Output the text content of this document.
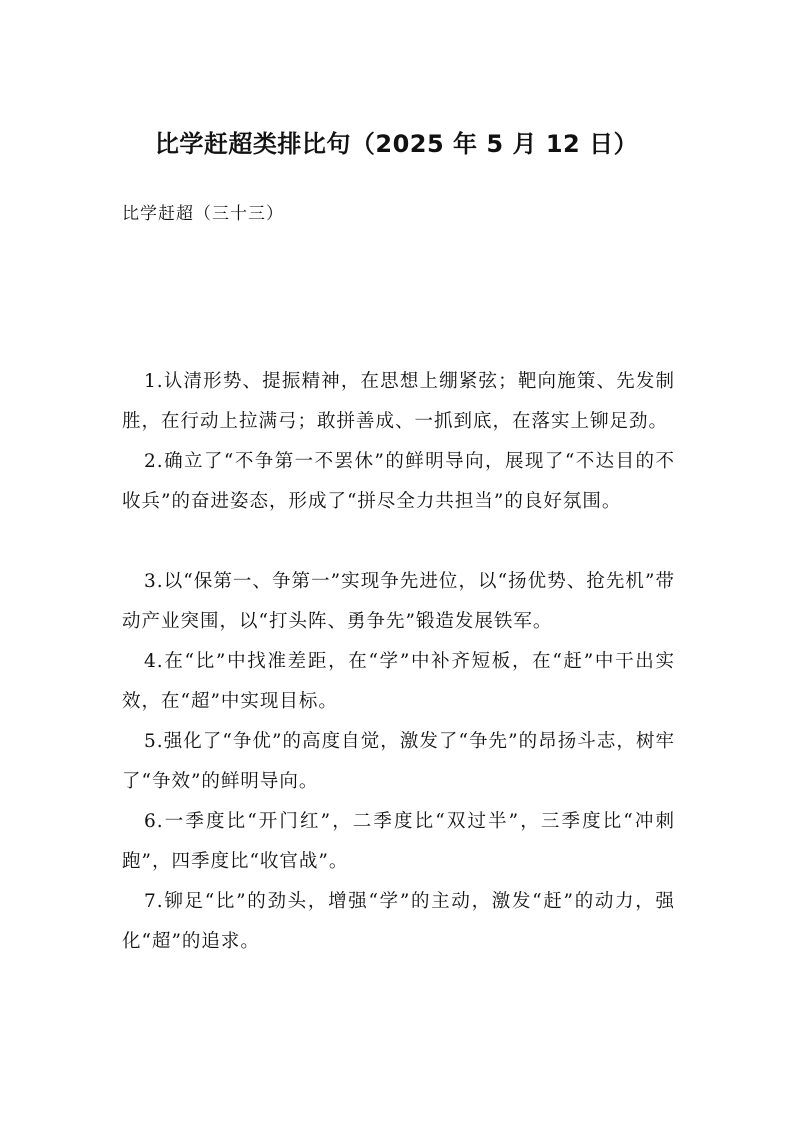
比学赶超类排比句（2025 年 5 月 12 日）
比学赶超（三十三）

1.认清形势、提振精神，在思想上绷紧弦；靶向施策、先发制胜，在行动上拉满弓；敢拼善成、一抓到底，在落实上铆足劲。

2.确立了“不争第一不罢休”的鲜明导向，展现了“不达目的不收兵”的奋进姿态，形成了“拼尽全力共担当”的良好氛围。

3.以“保第一、争第一”实现争先进位，以“扬优势、抢先机”带动产业突围，以“打头阵、勇争先”锻造发展铁军。

4.在“比”中找准差距，在“学”中补齐短板，在“赶”中干出实效，在“超”中实现目标。

5.强化了“争优”的高度自觉，激发了“争先”的昂扬斗志，树牢了“争效”的鲜明导向。

6.一季度比“开门红”，二季度比“双过半”，三季度比“冲刺跑”，四季度比“收官战”。

7.铆足“比”的劲头，增强“学”的主动，激发“赶”的动力，强化“超”的追求。
